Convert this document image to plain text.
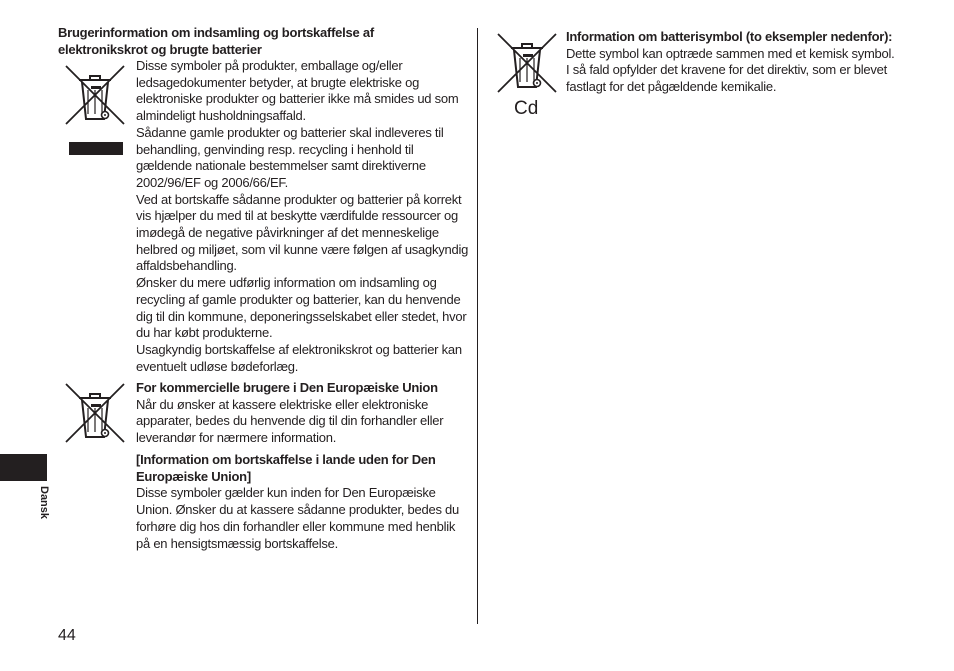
Brugerinformation om indsamling og bortskaffelse af elektronikskrot og brugte batterier

Disse symboler på produkter, emballage og/eller ledsagedokumenter betyder, at brugte elektriske og elektroniske produkter og batterier ikke må smides ud som almindeligt husholdningsaffald.

Sådanne gamle produkter og batterier skal indleveres til behandling, genvinding resp. recycling i henhold til gældende nationale bestemmelser samt direktiverne 2002/96/EF og 2006/66/EF.

Ved at bortskaffe sådanne produkter og batterier på korrekt vis hjælper du med til at beskytte værdifulde ressourcer og imødegå de negative påvirkninger af det menneskelige helbred og miljøet, som vil kunne være følgen af usagkyndig affaldsbehandling.

Ønsker du mere udførlig information om indsamling og recycling af gamle produkter og batterier, kan du henvende dig til din kommune, deponeringsselskabet eller stedet, hvor du har købt produkterne.

Usagkyndig bortskaffelse af elektronikskrot og batterier kan eventuelt udløse bødeforlæg.

For kommercielle brugere i Den Europæiske Union

Når du ønsker at kassere elektriske eller elektroniske apparater, bedes du henvende dig til din forhandler eller leverandør for nærmere information.

[Information om bortskaffelse i lande uden for Den Europæiske Union]

Disse symboler gælder kun inden for Den Europæiske Union. Ønsker du at kassere sådanne produkter, bedes du forhøre dig hos din forhandler eller kommune med henblik på en hensigtsmæssig bortskaffelse.

Cd

Information om batterisymbol (to eksempler nedenfor):

Dette symbol kan optræde sammen med et kemisk symbol. I så fald opfylder det kravene for det direktiv, som er blevet fastlagt for det pågældende kemikalie.

Dansk
44
